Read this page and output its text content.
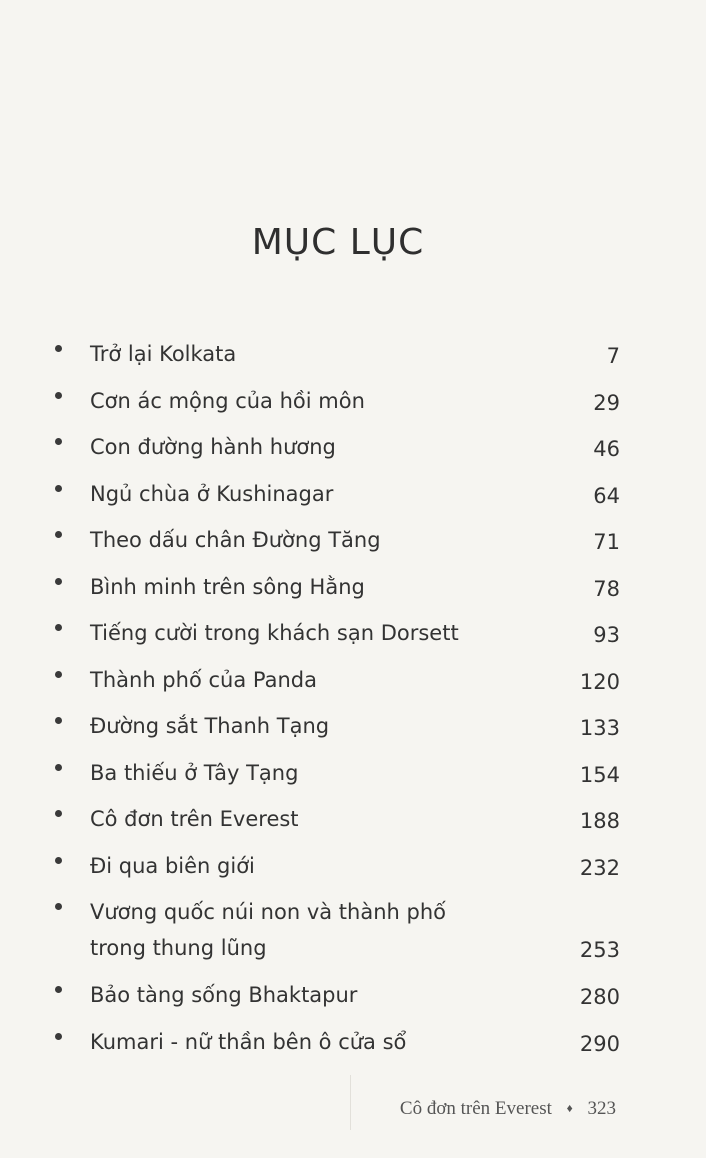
MỤC LỤC
Trở lại Kolkata	7
Cơn ác mộng của hồi môn	29
Con đường hành hương	46
Ngủ chùa ở Kushinagar	64
Theo dấu chân Đường Tăng	71
Bình minh trên sông Hằng	78
Tiếng cười trong khách sạn Dorsett	93
Thành phố của Panda	120
Đường sắt Thanh Tạng	133
Ba thiếu ở Tây Tạng	154
Cô đơn trên Everest	188
Đi qua biên giới	232
Vương quốc núi non và thành phố trong thung lũng	253
Bảo tàng sống Bhaktapur	280
Kumari - nữ thần bên ô cửa sổ	290
Cô đơn trên Everest ♦ 323
